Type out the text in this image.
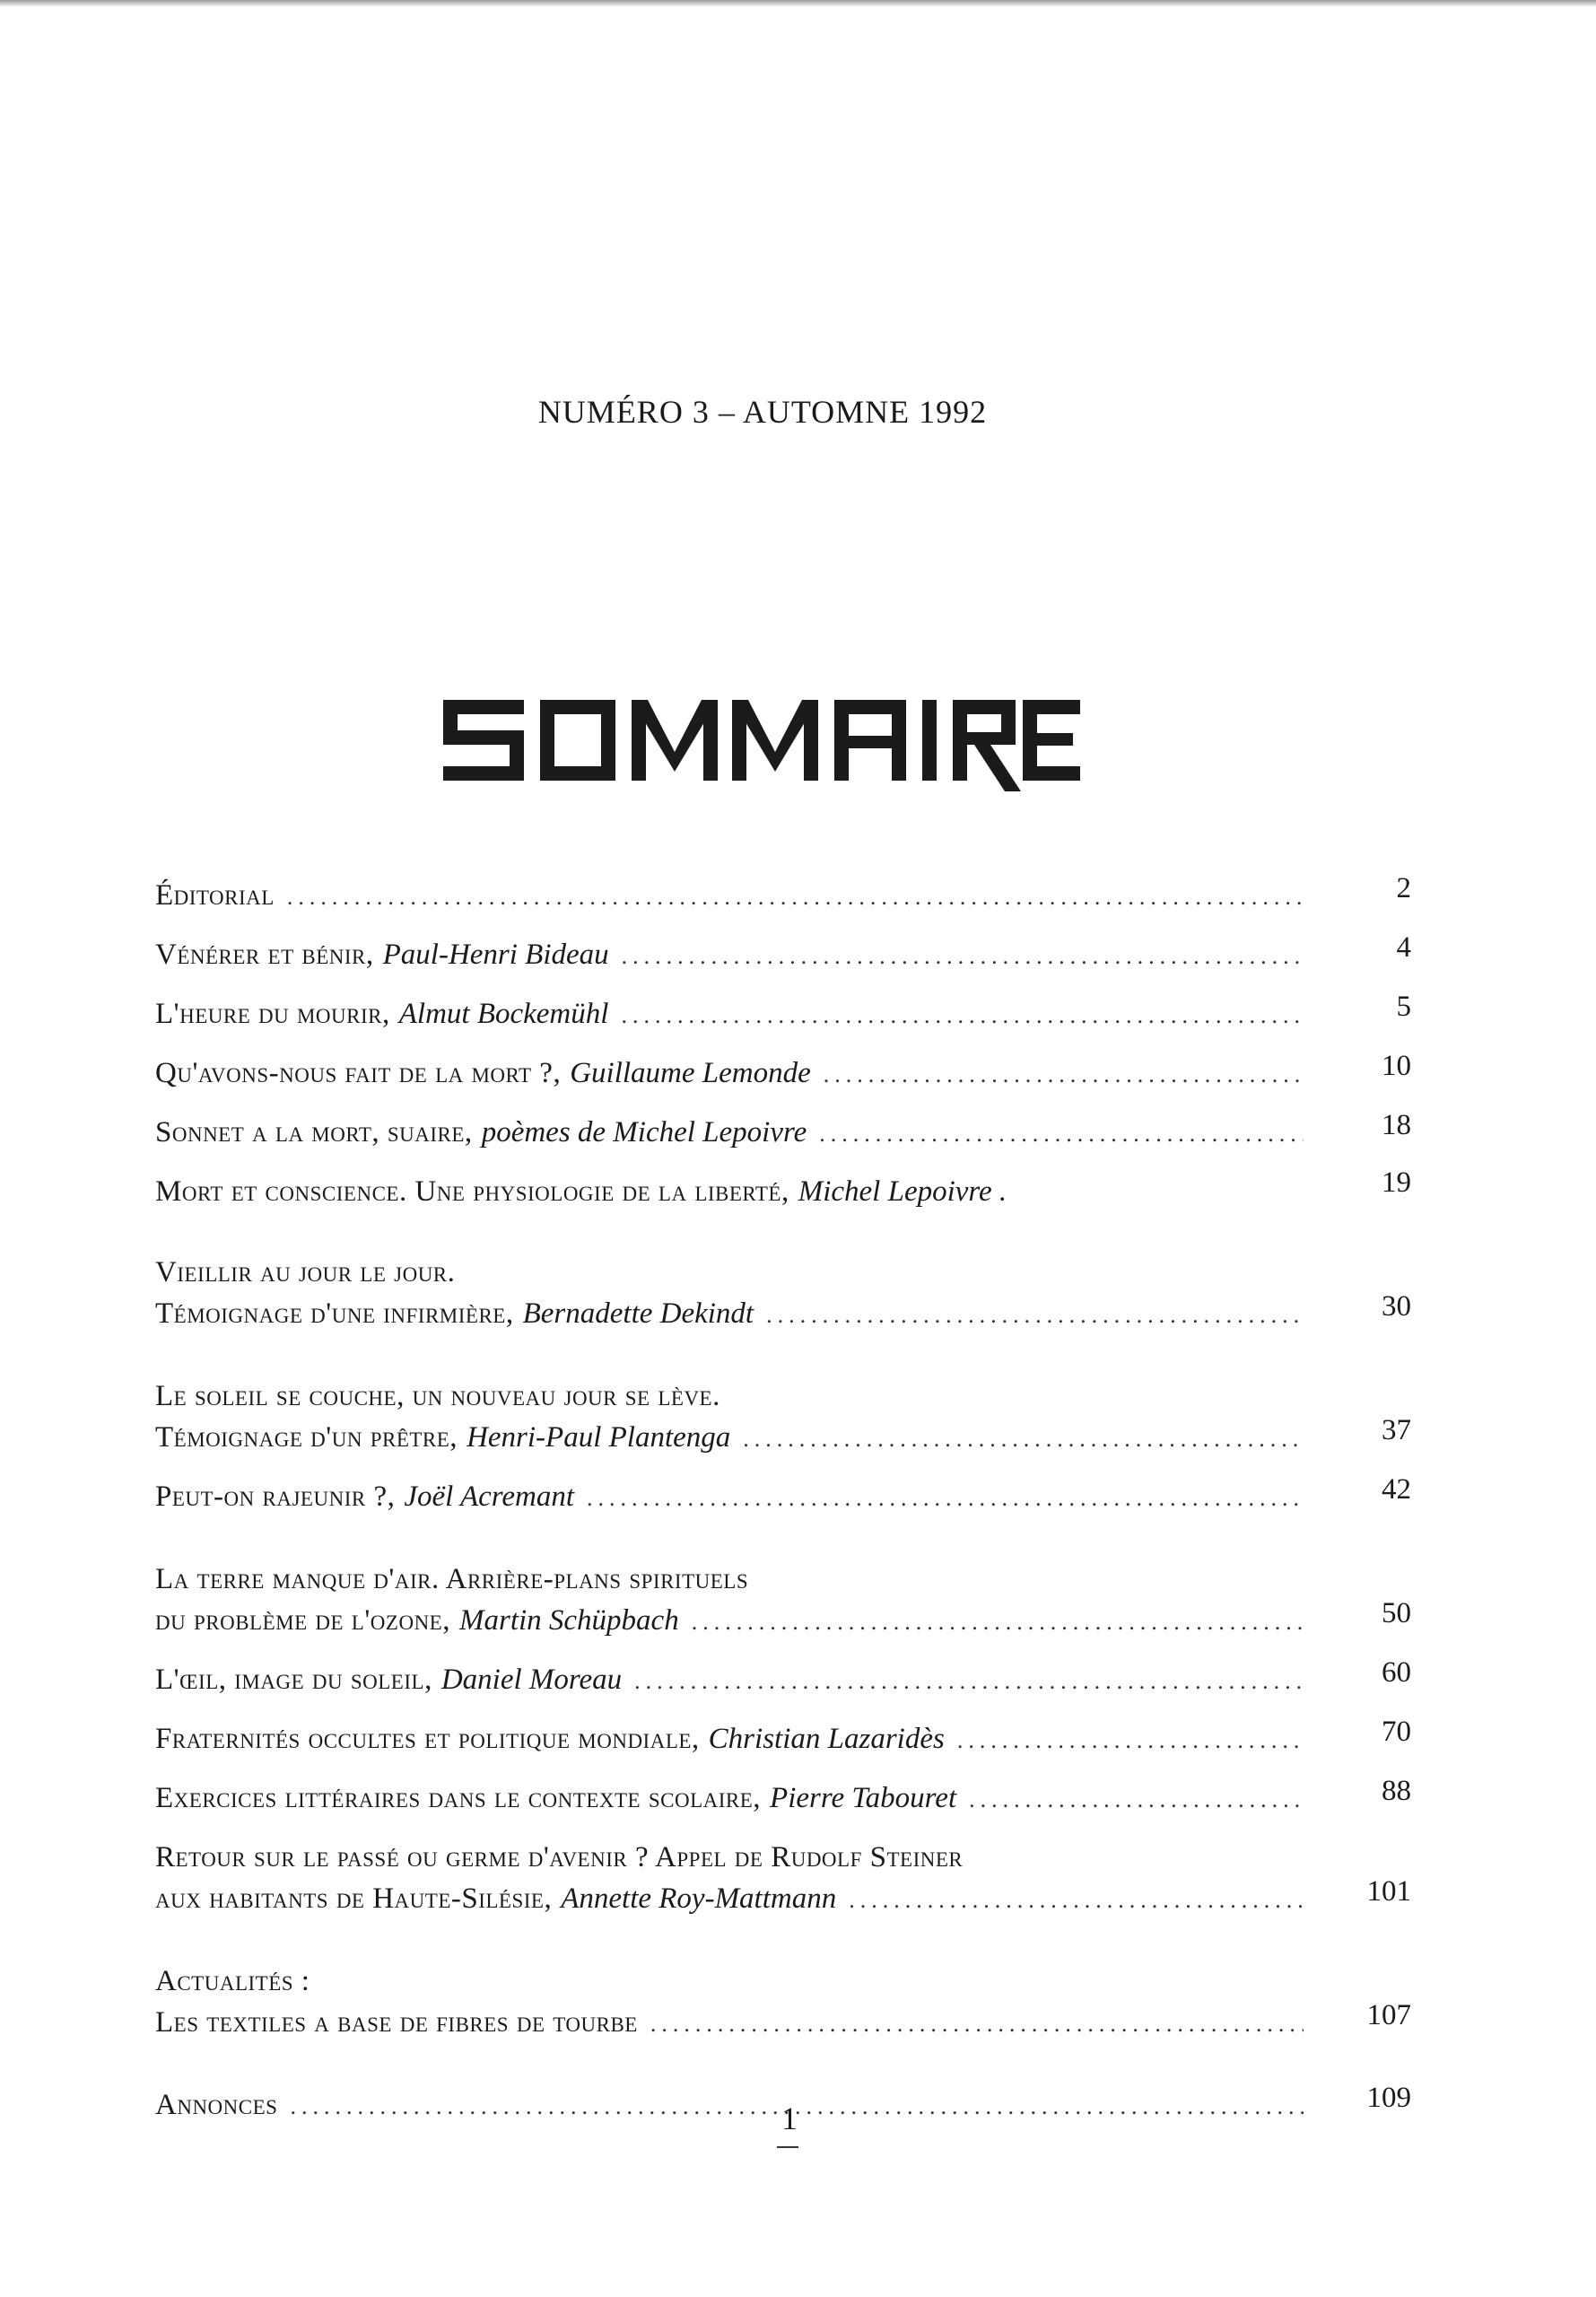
NUMÉRO 3 – AUTOMNE 1992
Éditorial .....	2
Vénérer et bénir, Paul-Henri Bideau .....	4
L'heure du mourir, Almut Bockemühl .....	5
Qu'avons-nous fait de la mort ?, Guillaume Lemonde .....	10
Sonnet a la mort, suaire, poèmes de Michel Lepoivre .....	18
Mort et conscience. Une physiologie de la liberté, Michel Lepoivre .	19
Vieillir au jour le jour.
Témoignage d'une infirmière, Bernadette Dekindt .....	30
Le soleil se couche, un nouveau jour se lève.
Témoignage d'un prêtre, Henri-Paul Plantenga .....	37
Peut-on rajeunir ?, Joël Acremant .....	42
La terre manque d'air. Arrière-plans spirituels
du problème de l'ozone, Martin Schüpbach .....	50
L'œil, image du soleil, Daniel Moreau .....	60
Fraternités occultes et politique mondiale, Christian Lazaridès .....	70
Exercices littéraires dans le contexte scolaire, Pierre Tabouret .....	88
Retour sur le passé ou germe d'avenir ? Appel de Rudolf Steiner
aux habitants de Haute-Silésie, Annette Roy-Mattmann .....	101
Actualités :
Les textiles a base de fibres de tourbe .....	107
Annonces .....	109
1
